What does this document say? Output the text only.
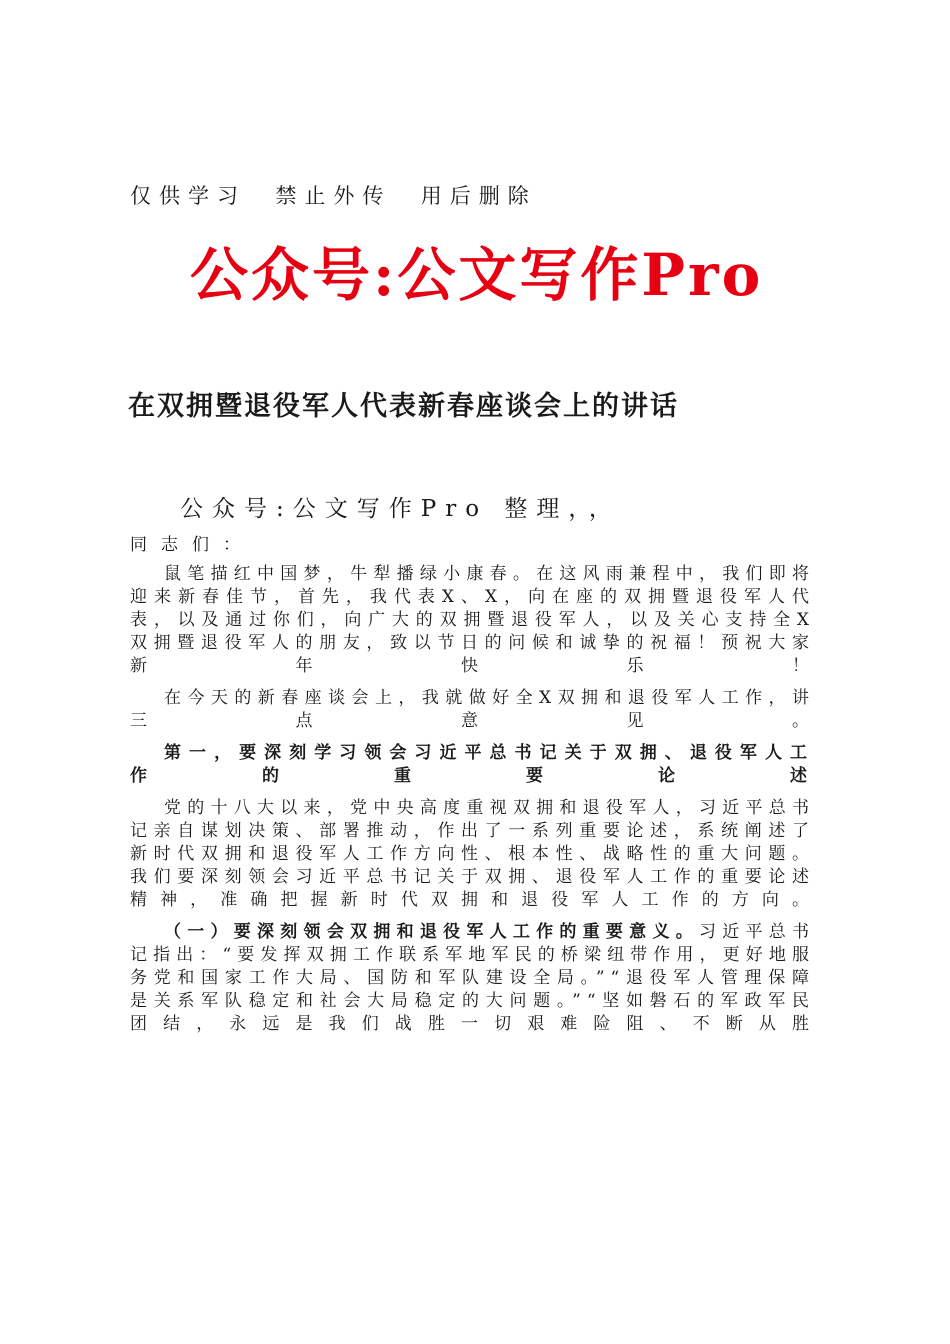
仅供学习  禁止外传  用后删除
公众号:公文写作Pro
在双拥暨退役军人代表新春座谈会上的讲话
公众号:公文写作Pro 整理，，
同志们：

鼠笔描红中国梦，牛犁播绿小康春。在这风雨兼程中，我们即将迎来新春佳节，首先，我代表X、X，向在座的双拥暨退役军人代表，以及通过你们，向广大的双拥暨退役军人，以及关心支持全X双拥暨退役军人的朋友，致以节日的问候和诚挚的祝福！预祝大家新年快乐！

在今天的新春座谈会上，我就做好全X双拥和退役军人工作，讲三点意见。

第一，要深刻学习领会习近平总书记关于双拥、退役军人工作的重要论述

党的十八大以来，党中央高度重视双拥和退役军人，习近平总书记亲自谋划决策、部署推动，作出了一系列重要论述，系统阐述了新时代双拥和退役军人工作方向性、根本性、战略性的重大问题。我们要深刻领会习近平总书记关于双拥、退役军人工作的重要论述精神，准确把握新时代双拥和退役军人工作的方向。

（一）要深刻领会双拥和退役军人工作的重要意义。习近平总书记指出：“要发挥双拥工作联系军地军民的桥梁纽带作用，更好地服务党和国家工作大局、国防和军队建设全局。”“退役军人管理保障是关系军队稳定和社会大局稳定的大问题。”“坚如磐石的军政军民团结，永远是我们战胜一切艰难险阻、不断从胜
